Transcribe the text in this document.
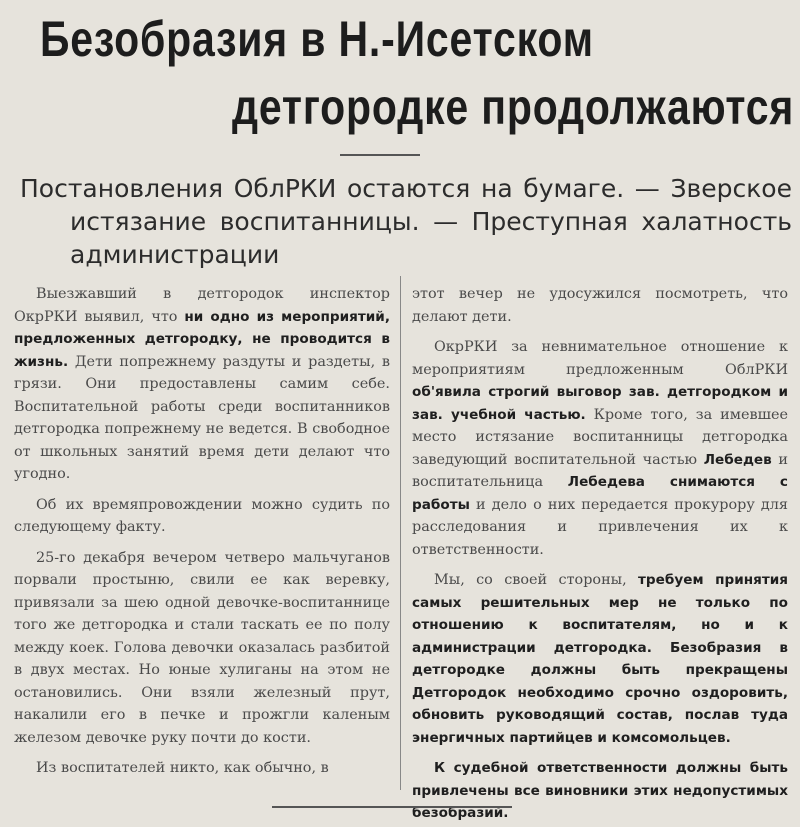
Безобразия в Н.-Исетском
детгородке продолжаются
Постановления ОблРКИ остаются на бумаге. — Зверское
истязание воспитанницы. — Преступная халатность
администрации

Выезжавший в детгородок инспектор ОкрРКИ выявил, что ни одно из мероприятий, предложенных детгородку, не проводится в жизнь. Дети попрежнему раздуты и раздеты, в грязи. Они предоставлены самим себе. Воспитательной работы среди воспитанников детгородка попрежнему не ведется. В свободное от школьных занятий время дети делают что угодно.

Об их времяпровождении можно судить по следующему факту.

25-го декабря вечером четверо мальчуганов порвали простыню, свили ее как веревку, привязали за шею одной девочке-воспитаннице того же детгородка и стали таскать ее по полу между коек. Голова девочки оказалась разбитой в двух местах. Но юные хулиганы на этом не остановились. Они взяли железный прут, накалили его в печке и прожгли каленым железом девочке руку почти до кости.

Из воспитателей никто, как обычно, в

этот вечер не удосужился посмотреть, что делают дети.

ОкрРКИ за невнимательное отношение к мероприятиям предложенным ОблРКИ об'явила строгий выговор зав. детгородком и зав. учебной частью. Кроме того, за имевшее место истязание воспитанницы детгородка заведующий воспитательной частью Лебедев и воспитательница Лебедева снимаются с работы и дело о них передается прокурору для расследования и привлечения их к ответственности.

Мы, со своей стороны, требуем принятия самых решительных мер не только по отношению к воспитателям, но и к администрации детгородка. Безобразия в детгородке должны быть прекращены Детгородок необходимо срочно оздоровить, обновить руководящий состав, послав туда энергичных партийцев и комсомольцев.

К судебной ответственности должны быть привлечены все виновники этих недопустимых безобразий.
